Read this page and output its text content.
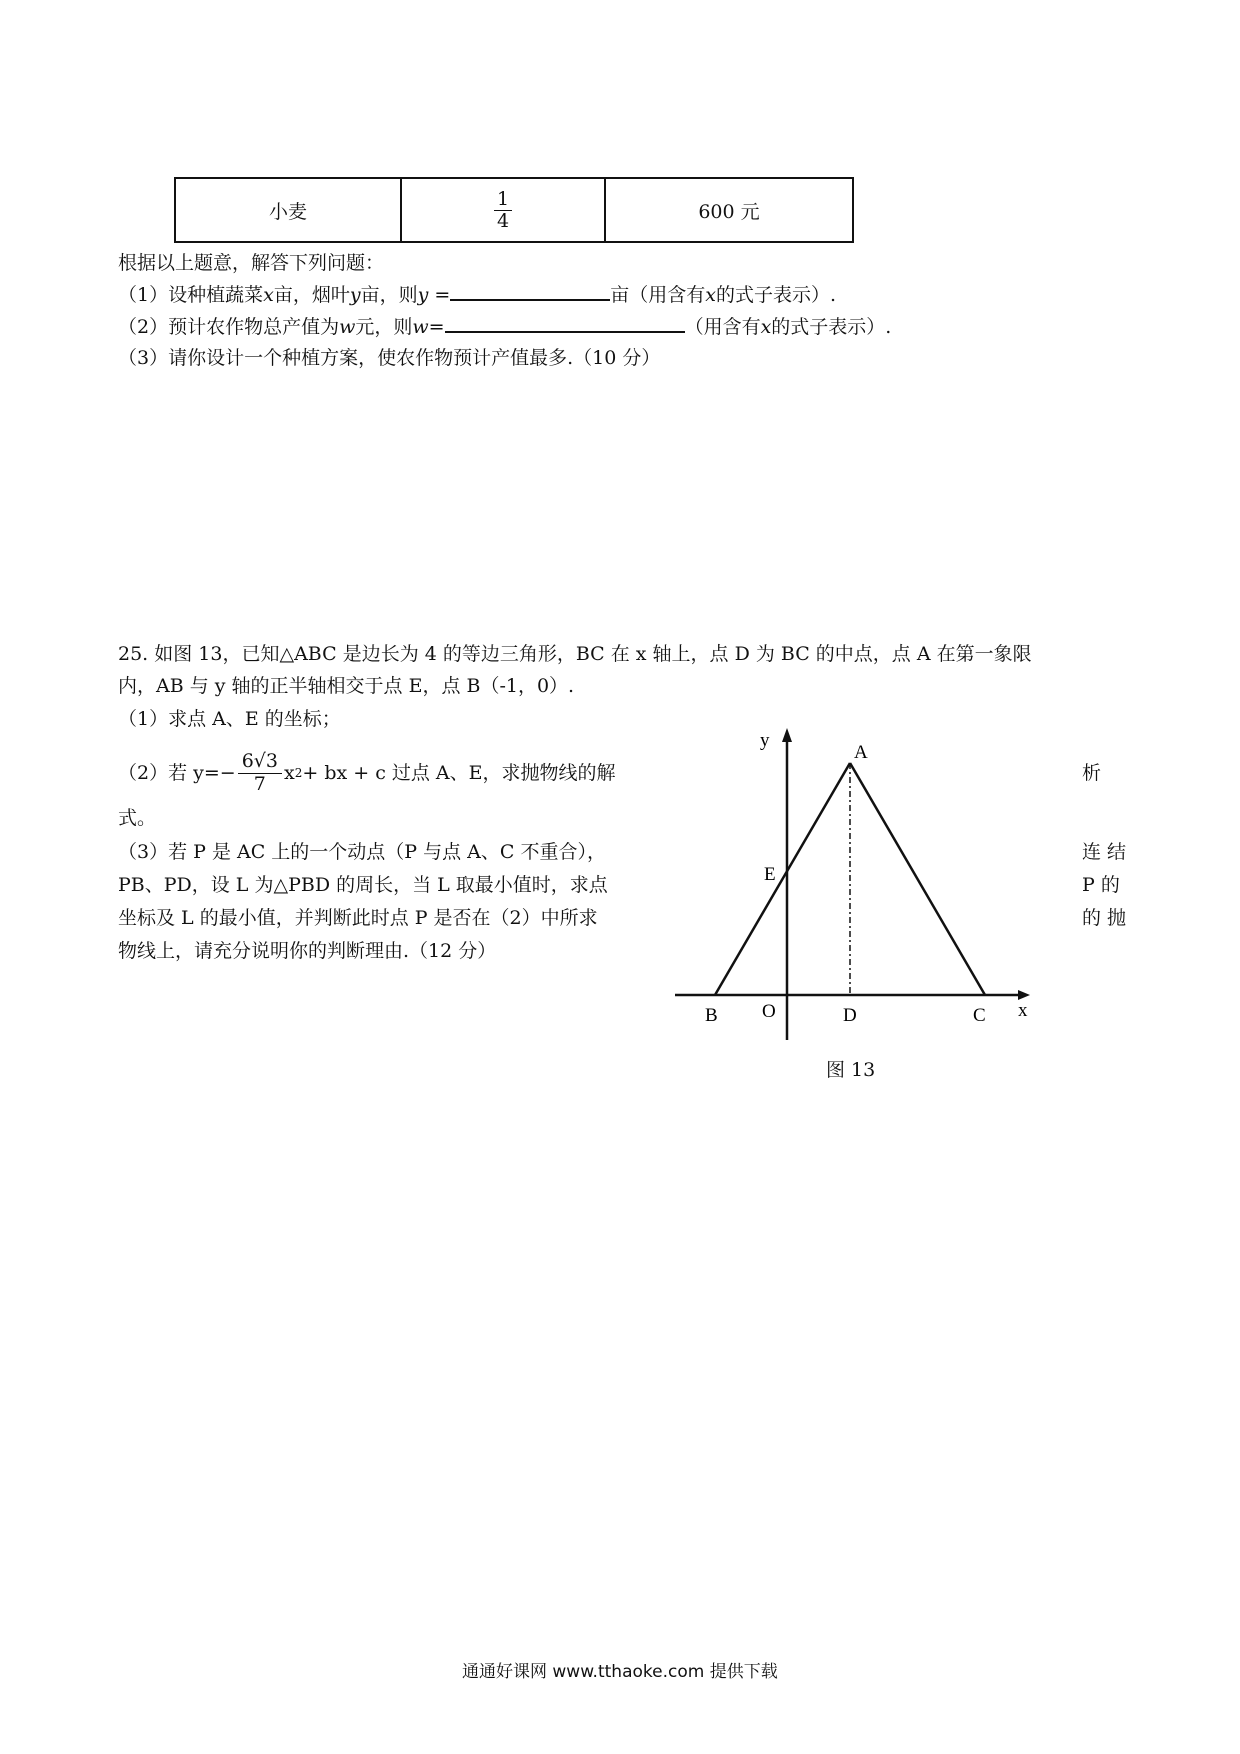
小麦	$\frac{1}{4}$	600 元
根据以上题意，解答下列问题：
（1）设种植蔬菜x亩，烟叶y亩，则y =	亩（用含有x的式子表示）.
（2）预计农作物总产值为w元，则w=	（用含有x的式子表示）.
（3）请你设计一个种植方案，使农作物预计产值最多.（10 分）
25. 如图 13，已知△ABC 是边长为 4 的等边三角形，BC 在 x 轴上，点 D 为 BC 的中点，点 A 在第一象限
内，AB 与 y 轴的正半轴相交于点 E，点 B（-1，0）.
（1）求点 A、E 的坐标；
（2）若 $y=- \frac{6√3}{7}$ x 2 + bx + c 过点 A、E，求抛物线的解	析
式。
（3）若 P 是 AC 上的一个动点（P 与点 A、C 不重合），	连 结
PB、PD，设 L 为△PBD 的周长，当 L 取最小值时，求点	P 的
坐标及 L 的最小值，并判断此时点 P 是否在（2）中所求	的 抛
物线上，请充分说明你的判断理由.（12 分）
y
x
A
E
B O	D	C
图 13
通通好课网 www.tthaoke.com 提供下载
